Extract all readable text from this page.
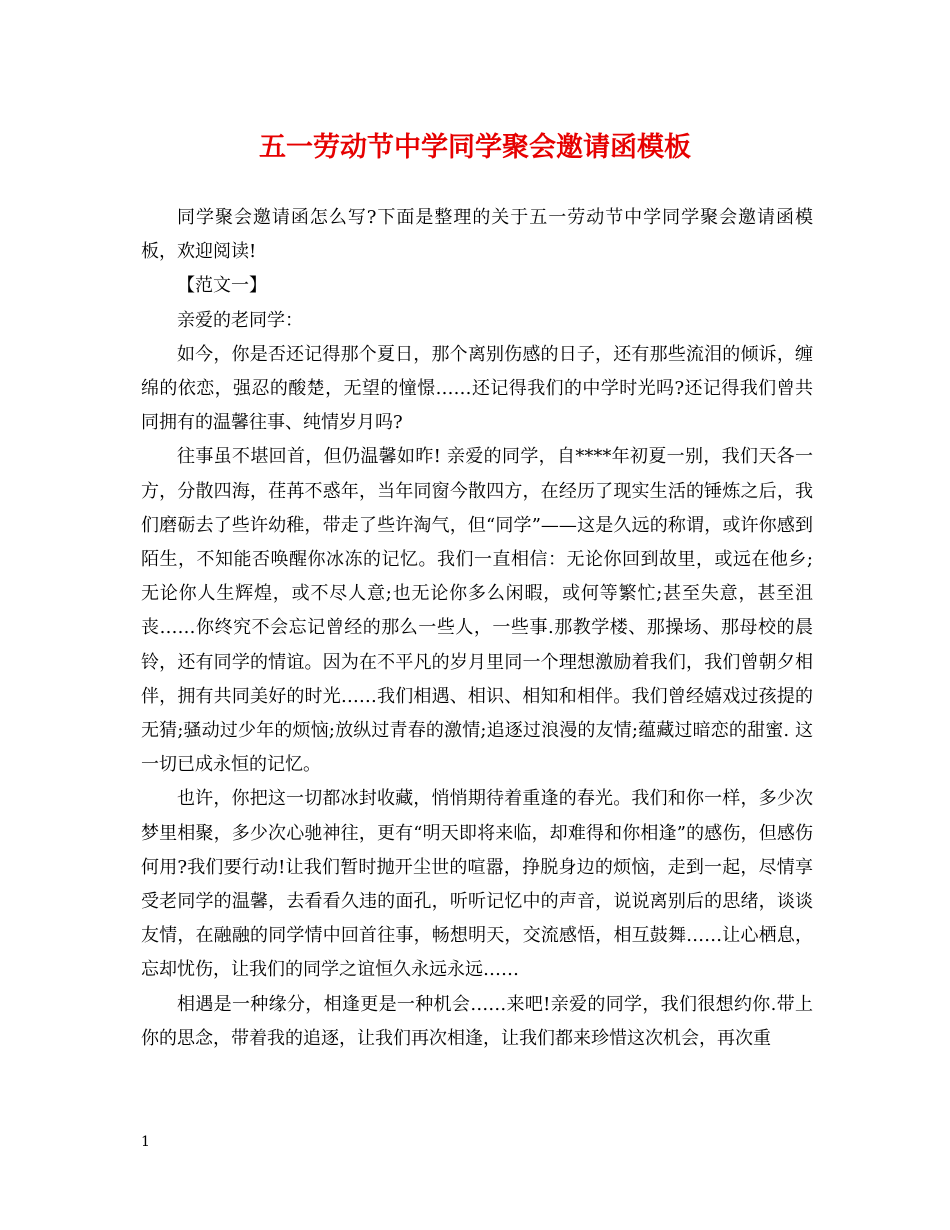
五一劳动节中学同学聚会邀请函模板

同学聚会邀请函怎么写?下面是整理的关于五一劳动节中学同学聚会邀请函模板，欢迎阅读!

【范文一】

亲爱的老同学：

如今，你是否还记得那个夏日，那个离别伤感的日子，还有那些流泪的倾诉，缠绵的依恋，强忍的酸楚，无望的憧憬……还记得我们的中学时光吗?还记得我们曾共同拥有的温馨往事、纯情岁月吗?

往事虽不堪回首，但仍温馨如昨! 亲爱的同学，自****年初夏一别，我们天各一方，分散四海，荏苒不惑年，当年同窗今散四方，在经历了现实生活的锤炼之后，我们磨砺去了些许幼稚，带走了些许淘气，但“同学”——这是久远的称谓，或许你感到陌生，不知能否唤醒你冰冻的记忆。我们一直相信：无论你回到故里，或远在他乡;无论你人生辉煌，或不尽人意;也无论你多么闲暇，或何等繁忙;甚至失意，甚至沮丧……你终究不会忘记曾经的那么一些人，一些事.那教学楼、那操场、那母校的晨铃，还有同学的情谊。因为在不平凡的岁月里同一个理想激励着我们，我们曾朝夕相伴，拥有共同美好的时光……我们相遇、相识、相知和相伴。我们曾经嬉戏过孩提的无猜;骚动过少年的烦恼;放纵过青春的激情;追逐过浪漫的友情;蕴藏过暗恋的甜蜜. 这一切已成永恒的记忆。

也许，你把这一切都冰封收藏，悄悄期待着重逢的春光。我们和你一样，多少次梦里相聚，多少次心驰神往，更有“明天即将来临，却难得和你相逢”的感伤，但感伤何用?我们要行动!让我们暂时抛开尘世的喧嚣，挣脱身边的烦恼，走到一起，尽情享受老同学的温馨，去看看久违的面孔，听听记忆中的声音，说说离别后的思绪，谈谈友情，在融融的同学情中回首往事，畅想明天，交流感悟，相互鼓舞……让心栖息，忘却忧伤，让我们的同学之谊恒久永远永远……

相遇是一种缘分，相逢更是一种机会……来吧!亲爱的同学，我们很想约你.带上你的思念，带着我的追逐，让我们再次相逢，让我们都来珍惜这次机会，再次重

1
